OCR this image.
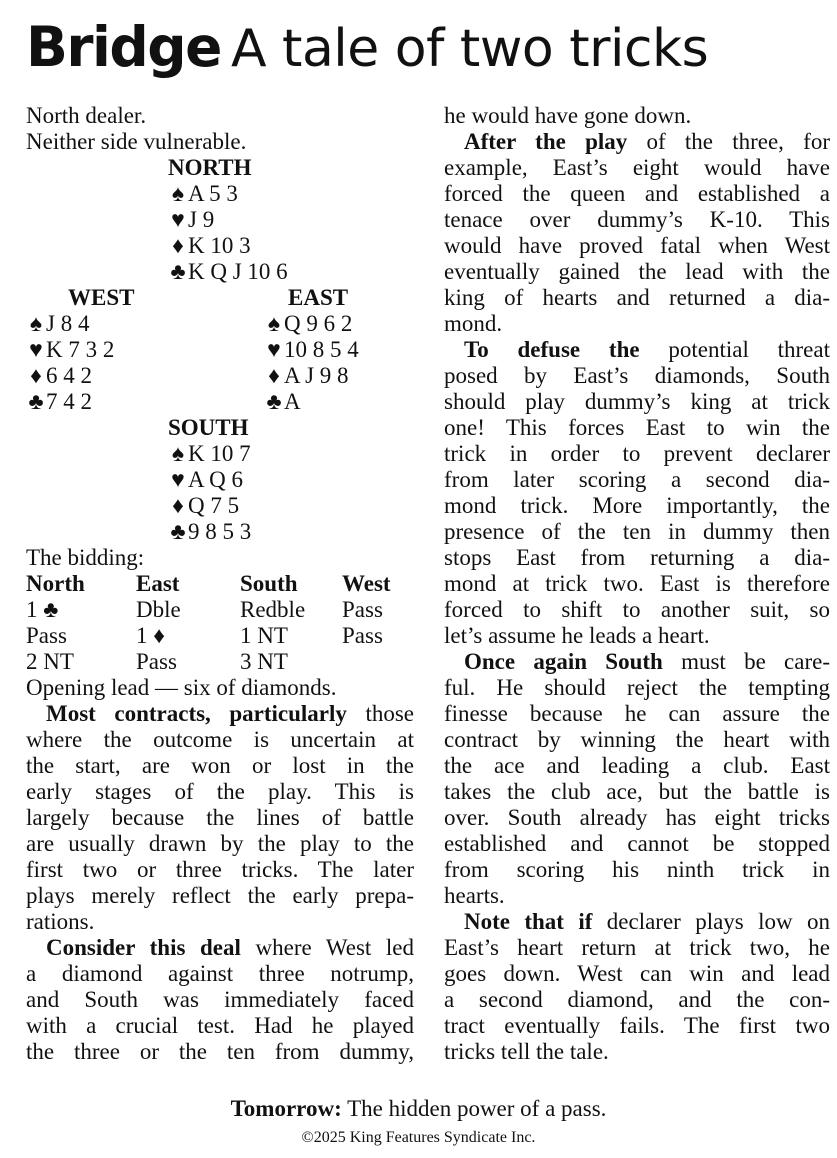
Bridge A tale of two tricks
North dealer.
Neither side vulnerable.
NORTH
♠ A 5 3
♥ J 9
♦ K 10 3
♣ K Q J 10 6
WEST
♠ J 8 4
♥ K 7 3 2
♦ 6 4 2
♣ 7 4 2
EAST
♠ Q 9 6 2
♥ 10 8 5 4
♦ A J 9 8
♣ A
SOUTH
♠ K 10 7
♥ A Q 6
♦ Q 7 5
♣ 9 8 5 3
The bidding:
North	East	South	West
1 ♣	Dble	Redble	Pass
Pass	1 ♦	1 NT	Pass
2 NT	Pass	3 NT	
Opening lead — six of diamonds.
Most contracts, particularly those
where the outcome is uncertain at
the start, are won or lost in the
early stages of the play. This is
largely because the lines of battle
are usually drawn by the play to the
first two or three tricks. The later
plays merely reflect the early prepa-
rations.
Consider this deal where West led
a diamond against three notrump,
and South was immediately faced
with a crucial test. Had he played
the three or the ten from dummy,
he would have gone down.
After the play of the three, for
example, East’s eight would have
forced the queen and established a
tenace over dummy’s K-10. This
would have proved fatal when West
eventually gained the lead with the
king of hearts and returned a dia-
mond.
To defuse the potential threat
posed by East’s diamonds, South
should play dummy’s king at trick
one! This forces East to win the
trick in order to prevent declarer
from later scoring a second dia-
mond trick. More importantly, the
presence of the ten in dummy then
stops East from returning a dia-
mond at trick two. East is therefore
forced to shift to another suit, so
let’s assume he leads a heart.
Once again South must be care-
ful. He should reject the tempting
finesse because he can assure the
contract by winning the heart with
the ace and leading a club. East
takes the club ace, but the battle is
over. South already has eight tricks
established and cannot be stopped
from scoring his ninth trick in
hearts.
Note that if declarer plays low on
East’s heart return at trick two, he
goes down. West can win and lead
a second diamond, and the con-
tract eventually fails. The first two
tricks tell the tale.
Tomorrow: The hidden power of a pass.
©2025 King Features Syndicate Inc.
